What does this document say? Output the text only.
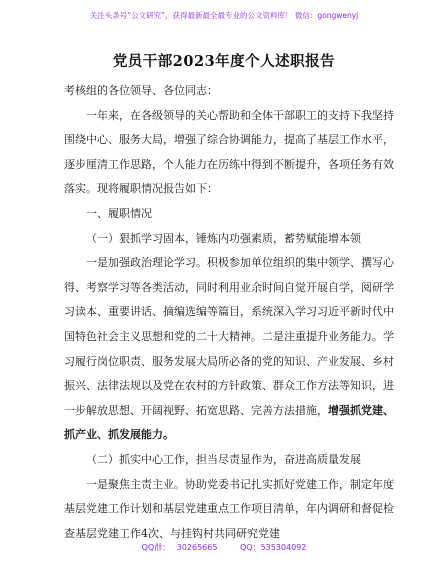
关注头条号“公文研究”，获得最新最全最专业的公文资料库！ 微信：gongwenyj
党员干部2023年度个人述职报告

考核组的各位领导、各位同志：

一年来，在各级领导的关心帮助和全体干部职工的支持下我坚持围绕中心、服务大局，增强了综合协调能力，提高了基层工作水平，逐步厘清工作思路，个人能力在历练中得到不断提升，各项任务有效落实。现将履职情况报告如下：

一、履职情况

（一）狠抓学习固本，锤炼内功强素质，蓄势赋能增本领

一是加强政治理论学习。积极参加单位组织的集中领学、撰写心得、考察学习等各类活动，同时利用业余时间自觉开展自学，阅研学习读本、重要讲话、摘编选编等篇目，系统深入学习习近平新时代中国特色社会主义思想和党的二十大精神。二是注重提升业务能力。学习履行岗位职责、服务发展大局所必备的党的知识、产业发展、乡村振兴、法律法规以及党在农村的方针政策、群众工作方法等知识，进一步解放思想、开阔视野、拓宽思路、完善方法措施，增强抓党建、抓产业、抓发展能力。

（二）抓实中心工作，担当尽责显作为，奋进高质量发展

一是聚焦主责主业。协助党委书记扎实抓好党建工作，制定年度基层党建工作计划和基层党建重点工作项目清单，年内调研和督促检查基层党建工作4次、与挂钩村共同研究党建

QQ群： 30265665	QQ：535304092
